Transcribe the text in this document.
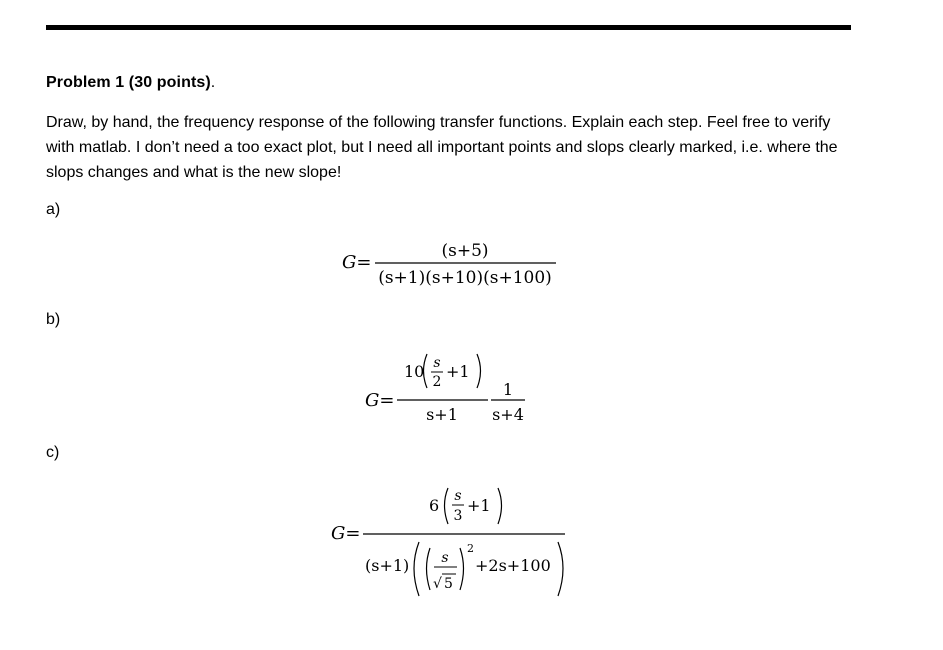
Problem 1 (30 points).
Draw, by hand, the frequency response of the following transfer functions. Explain each step. Feel free to verify with matlab. I don’t need a too exact plot, but I need all important points and slops clearly marked, i.e. where the slops changes and what is the new slope!
a)
G=
(s+5)
(s+1)(s+10)(s+100)
b)
G=
10 s
2
+1
s+1
1
s+4
c)
G=
6 s
3
+1
(s+1) s
√ 5
2
+2s+100
